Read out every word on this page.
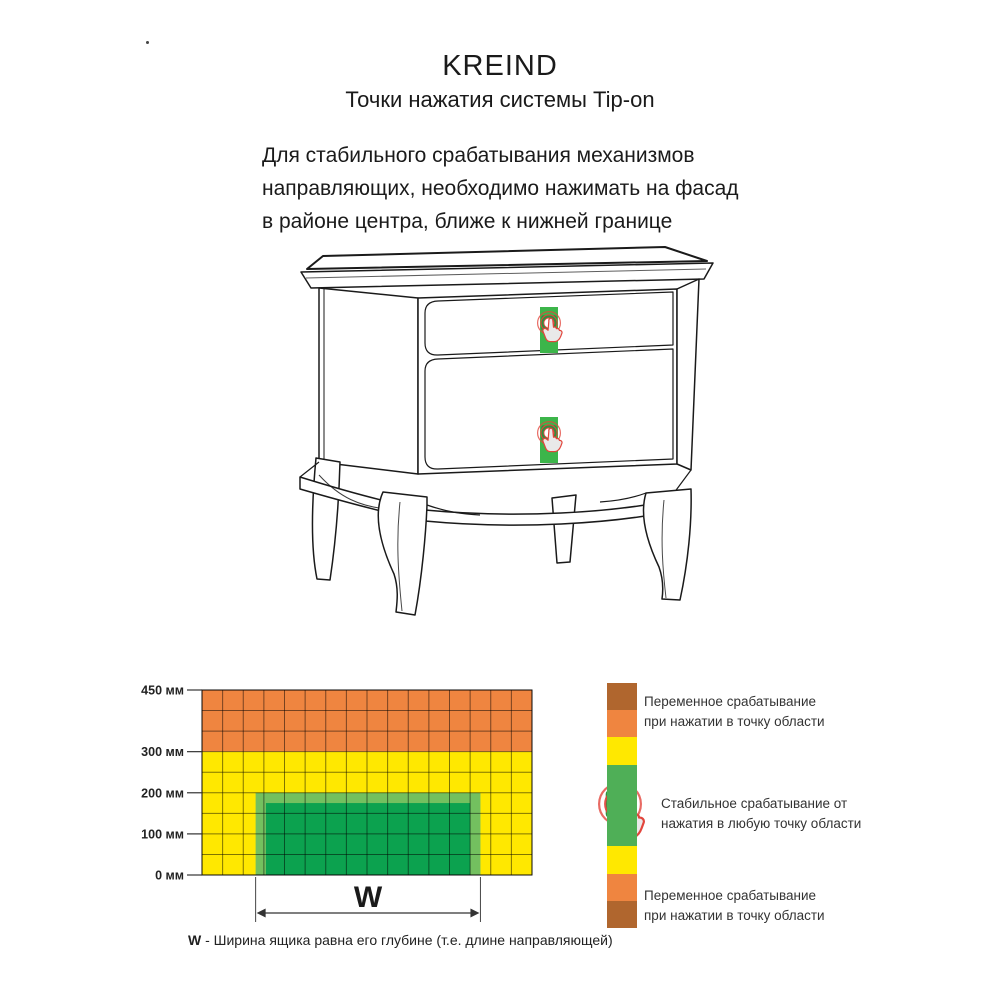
450 мм
300 мм
200 мм
100 мм
0 мм
W
KREIND
Точки нажатия системы Tip-on
Для стабильного срабатывания механизмов
направляющих, необходимо нажимать на фасад
в районе центра, ближе к нижней границе
Переменное срабатывание
при нажатии в точку области
Стабильное срабатывание от
нажатия в любую точку области
Переменное срабатывание
при нажатии в точку области
W - Ширина ящика равна его глубине (т.е. длине направляющей)
